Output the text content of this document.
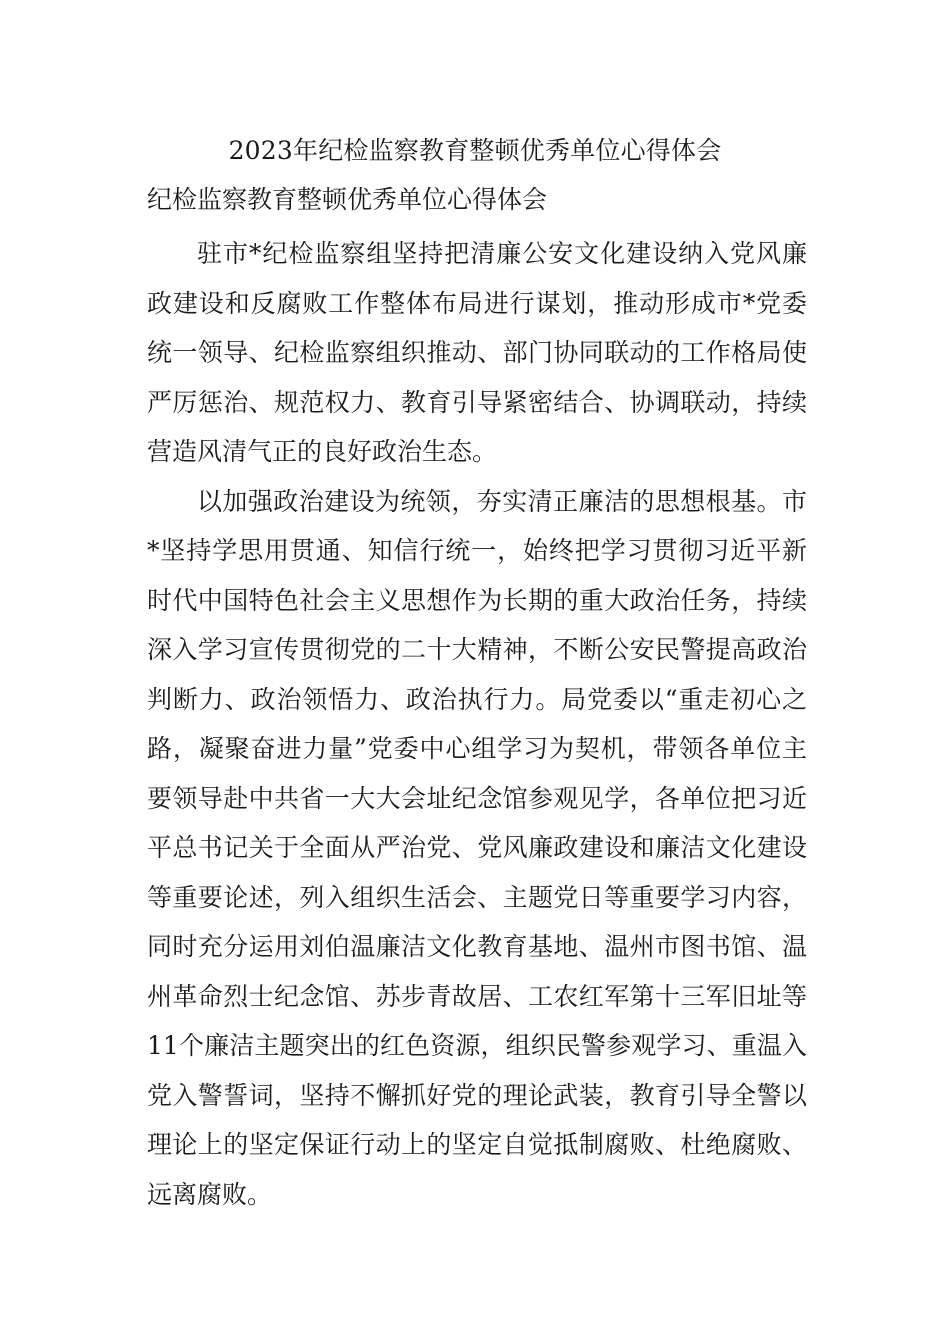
2023年纪检监察教育整顿优秀单位心得体会
纪检监察教育整顿优秀单位心得体会

驻市*纪检监察组坚持把清廉公安文化建设纳入党风廉政建设和反腐败工作整体布局进行谋划，推动形成市*党委统一领导、纪检监察组织推动、部门协同联动的工作格局使严厉惩治、规范权力、教育引导紧密结合、协调联动，持续营造风清气正的良好政治生态。

以加强政治建设为统领，夯实清正廉洁的思想根基。市*坚持学思用贯通、知信行统一，始终把学习贯彻习近平新时代中国特色社会主义思想作为长期的重大政治任务，持续深入学习宣传贯彻党的二十大精神，不断公安民警提高政治判断力、政治领悟力、政治执行力。局党委以“重走初心之路，凝聚奋进力量”党委中心组学习为契机，带领各单位主要领导赴中共省一大大会址纪念馆参观见学，各单位把习近平总书记关于全面从严治党、党风廉政建设和廉洁文化建设等重要论述，列入组织生活会、主题党日等重要学习内容，同时充分运用刘伯温廉洁文化教育基地、温州市图书馆、温州革命烈士纪念馆、苏步青故居、工农红军第十三军旧址等11个廉洁主题突出的红色资源，组织民警参观学习、重温入党入警誓词，坚持不懈抓好党的理论武装，教育引导全警以理论上的坚定保证行动上的坚定自觉抵制腐败、杜绝腐败、远离腐败。
